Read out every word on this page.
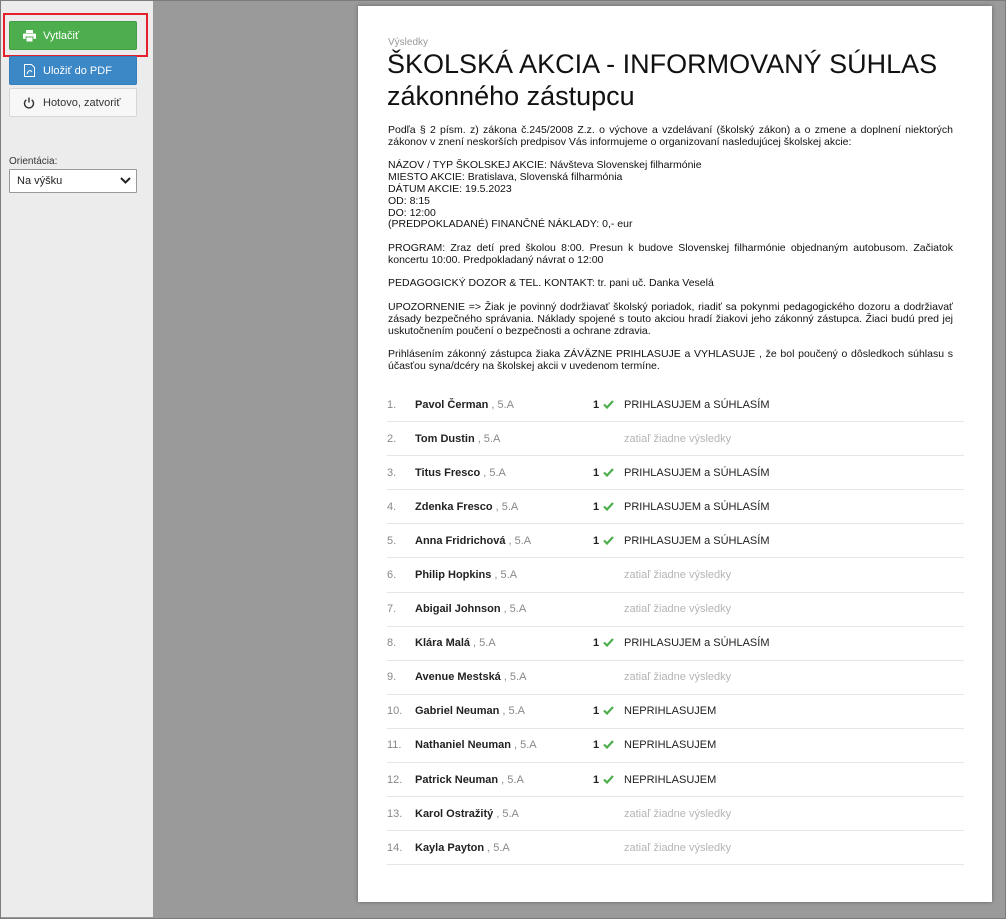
Vytlačiť
Uložiť do PDF
Hotovo, zatvoriť
Orientácia:
Na výšku
Výsledky
ŠKOLSKÁ AKCIA - INFORMOVANÝ SÚHLAS zákonného zástupcu

Podľa § 2 písm. z) zákona č.245/2008 Z.z. o výchove a vzdelávaní (školský zákon) a o zmene a doplnení niektorých zákonov v znení neskorších predpisov Vás informujeme o organizovaní nasledujúcej školskej akcie:

NÁZOV / TYP ŠKOLSKEJ AKCIE: Návšteva Slovenskej filharmónie
MIESTO AKCIE: Bratislava, Slovenská filharmónia
DÁTUM AKCIE: 19.5.2023
OD: 8:15
DO: 12:00
(PREDPOKLADANÉ) FINANČNÉ NÁKLADY: 0,- eur

PROGRAM: Zraz detí pred školou 8:00. Presun k budove Slovenskej filharmónie objednaným autobusom. Začiatok koncertu 10:00. Predpokladaný návrat o 12:00

PEDAGOGICKÝ DOZOR & TEL. KONTAKT: tr. pani uč. Danka Veselá

UPOZORNENIE => Žiak je povinný dodržiavať školský poriadok, riadiť sa pokynmi pedagogického dozoru a dodržiavať zásady bezpečného správania. Náklady spojené s touto akciou hradí žiakovi jeho zákonný zástupca. Žiaci budú pred jej uskutočnením poučení o bezpečnosti a ochrane zdravia.

Prihlásením zákonný zástupca žiaka ZÁVÄZNE PRIHLASUJE a VYHLASUJE , že bol poučený o dôsledkoch súhlasu s účasťou syna/dcéry na školskej akcii v uvedenom termíne.

1.	Pavol Čerman , 5.A	1 PRIHLASUJEM a SÚHLASÍM
2.	Tom Dustin , 5.A	zatiaľ žiadne výsledky
3.	Titus Fresco , 5.A	1 PRIHLASUJEM a SÚHLASÍM
4.	Zdenka Fresco , 5.A	1 PRIHLASUJEM a SÚHLASÍM
5.	Anna Fridrichová , 5.A	1 PRIHLASUJEM a SÚHLASÍM
6.	Philip Hopkins , 5.A	zatiaľ žiadne výsledky
7.	Abigail Johnson , 5.A	zatiaľ žiadne výsledky
8.	Klára Malá , 5.A	1 PRIHLASUJEM a SÚHLASÍM
9.	Avenue Mestská , 5.A	zatiaľ žiadne výsledky
10.	Gabriel Neuman , 5.A	1 NEPRIHLASUJEM
11.	Nathaniel Neuman , 5.A	1 NEPRIHLASUJEM
12.	Patrick Neuman , 5.A	1 NEPRIHLASUJEM
13.	Karol Ostražitý , 5.A	zatiaľ žiadne výsledky
14.	Kayla Payton , 5.A	zatiaľ žiadne výsledky
